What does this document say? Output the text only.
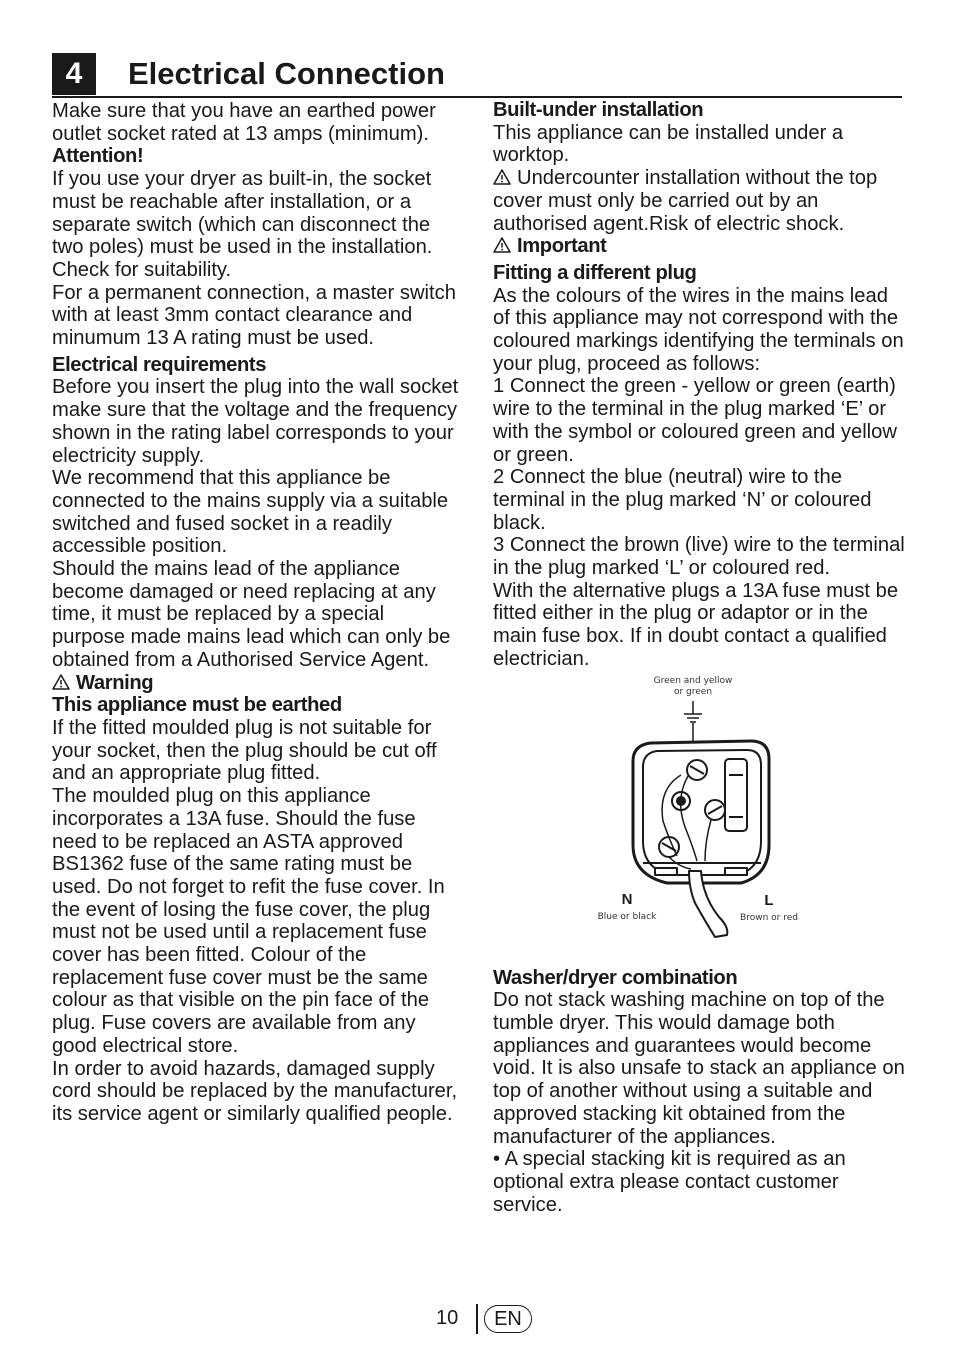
4	Electrical Connection

Make sure that you have an earthed power outlet socket rated at 13 amps (minimum).

Attention!

If you use your dryer as built-in, the socket must be reachable after installation, or a separate switch (which can disconnect the two poles) must be used in the installation. Check for suitability.

For a permanent connection, a master switch with at least 3mm contact clearance and minumum 13 A rating must be used.

Electrical requirements

Before you insert the plug into the wall socket make sure that the voltage and the frequency shown in the rating label corresponds to your electricity supply.

We recommend that this appliance be connected to the mains supply via a suitable switched and fused socket in a readily accessible position.

Should the mains lead of the appliance become damaged or need replacing at any time, it must be replaced by a special purpose made mains lead which can only be obtained from a Authorised Service Agent.

Warning

This appliance must be earthed

If the fitted moulded plug is not suitable for your socket, then the plug should be cut off and an appropriate plug fitted.

The moulded plug on this appliance incorporates a 13A fuse. Should the fuse need to be replaced an ASTA approved BS1362 fuse of the same rating must be used. Do not forget to refit the fuse cover. In the event of losing the fuse cover, the plug must not be used until a replacement fuse cover has been fitted. Colour of the replacement fuse cover must be the same colour as that visible on the pin face of the plug. Fuse covers are available from any good electrical store.

In order to avoid hazards, damaged supply cord should be replaced by the manufacturer, its service agent or similarly qualified people.

Built-under installation

This appliance can be installed under a worktop.

Undercounter installation without the top cover must only be carried out by an authorised agent.Risk of electric shock.

Important

Fitting a different plug

As the colours of the wires in the mains lead of this appliance may not correspond with the coloured markings identifying the terminals on your plug, proceed as follows:

1 Connect the green - yellow or green (earth) wire to the terminal in the plug marked ‘E’ or with the symbol or coloured green and yellow or green.

2 Connect the blue (neutral) wire to the terminal in the plug marked ‘N’ or coloured black.

3 Connect the brown (live) wire to the terminal in the plug marked ‘L’ or coloured red.

With the alternative plugs a 13A fuse must be fitted either in the plug or adaptor or in the main fuse box. If in doubt contact a qualified electrician.

Green and yellow
or green
N
Blue or black
L
Brown or red

Washer/dryer combination

Do not stack washing machine on top of the tumble dryer. This would damage both appliances and guarantees would become void. It is also unsafe to stack an appliance on top of another without using a suitable and approved stacking kit obtained from the manufacturer of the appliances.

• A special stacking kit is required as an optional extra please contact customer service.

10	EN
